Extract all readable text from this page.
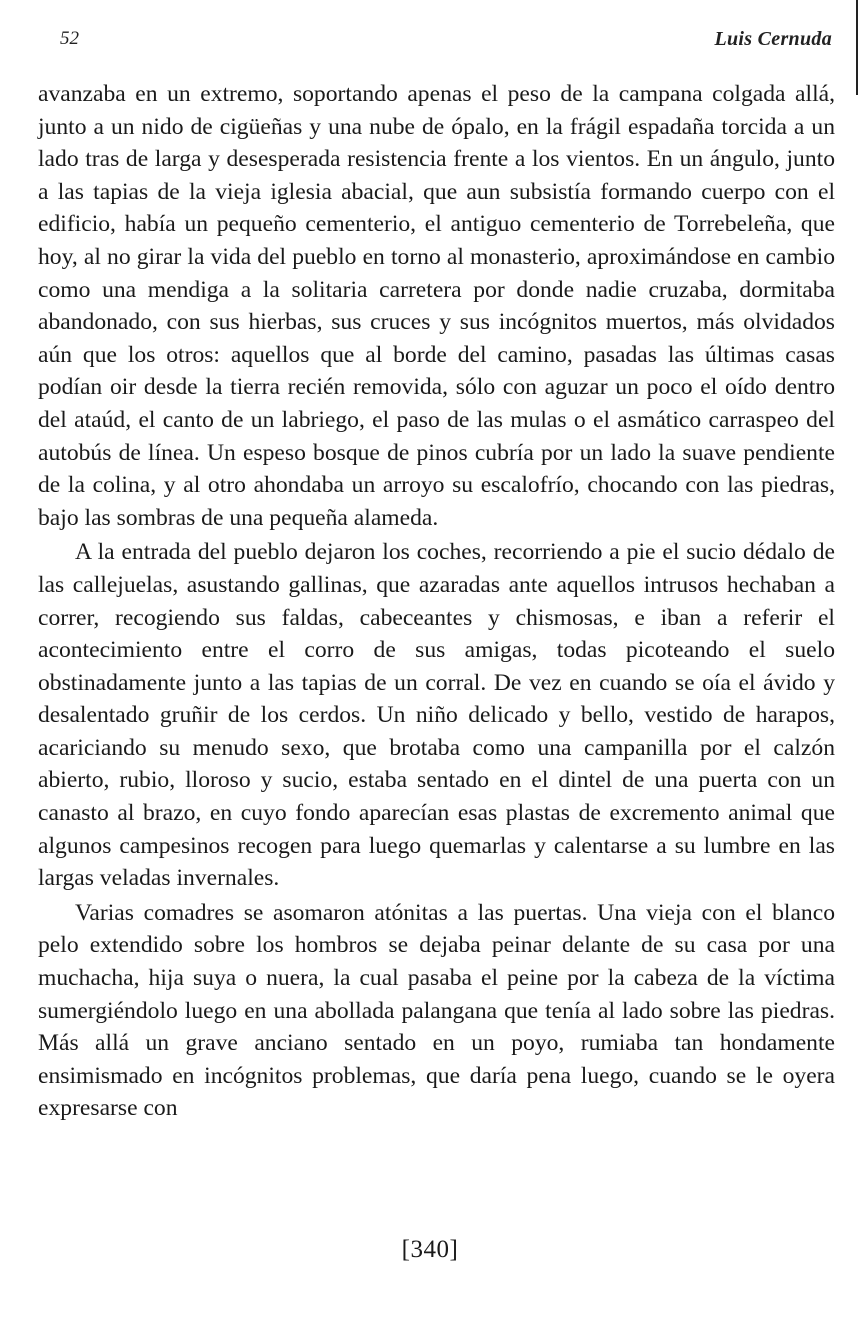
52	Luis Cernuda

avanzaba en un extremo, soportando apenas el peso de la campana colgada allá, junto a un nido de cigüeñas y una nube de ópalo, en la frágil espadaña torcida a un lado tras de larga y desesperada resistencia frente a los vientos. En un ángulo, junto a las tapias de la vieja iglesia abacial, que aun subsistía formando cuerpo con el edificio, había un pequeño cementerio, el antiguo cementerio de Torrebeleña, que hoy, al no girar la vida del pueblo en torno al monasterio, aproximándose en cambio como una mendiga a la solitaria carretera por donde nadie cruzaba, dormitaba abandonado, con sus hierbas, sus cruces y sus incógnitos muertos, más olvidados aún que los otros: aquellos que al borde del camino, pasadas las últimas casas podían oir desde la tierra recién removida, sólo con aguzar un poco el oído dentro del ataúd, el canto de un labriego, el paso de las mulas o el asmático carraspeo del autobús de línea. Un espeso bosque de pinos cubría por un lado la suave pendiente de la colina, y al otro ahondaba un arroyo su escalofrío, chocando con las piedras, bajo las sombras de una pequeña alameda.

A la entrada del pueblo dejaron los coches, recorriendo a pie el sucio dédalo de las callejuelas, asustando gallinas, que azaradas ante aquellos intrusos hechaban a correr, recogiendo sus faldas, cabeceantes y chismosas, e iban a referir el acontecimiento entre el corro de sus amigas, todas picoteando el suelo obstinadamente junto a las tapias de un corral. De vez en cuando se oía el ávido y desalentado gruñir de los cerdos. Un niño delicado y bello, vestido de harapos, acariciando su menudo sexo, que brotaba como una campanilla por el calzón abierto, rubio, lloroso y sucio, estaba sentado en el dintel de una puerta con un canasto al brazo, en cuyo fondo aparecían esas plastas de excremento animal que algunos campesinos recogen para luego quemarlas y calentarse a su lumbre en las largas veladas invernales.

Varias comadres se asomaron atónitas a las puertas. Una vieja con el blanco pelo extendido sobre los hombros se dejaba peinar delante de su casa por una muchacha, hija suya o nuera, la cual pasaba el peine por la cabeza de la víctima sumergiéndolo luego en una abollada palangana que tenía al lado sobre las piedras. Más allá un grave anciano sentado en un poyo, rumiaba tan hondamente ensimismado en incógnitos problemas, que daría pena luego, cuando se le oyera expresarse con

[340]
